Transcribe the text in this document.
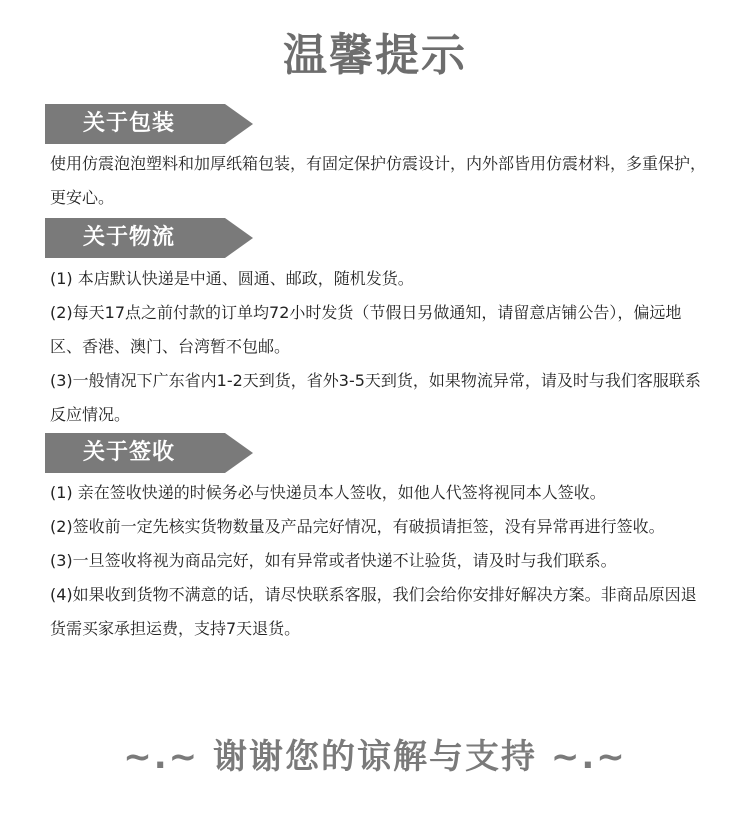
温馨提示
关于包装

使用仿震泡泡塑料和加厚纸箱包装，有固定保护仿震设计，内外部皆用仿震材料，多重保护，更安心。

关于物流

(1) 本店默认快递是中通、圆通、邮政，随机发货。

(2)每天17点之前付款的订单均72小时发货（节假日另做通知，请留意店铺公告），偏远地区、香港、澳门、台湾暂不包邮。

(3)一般情况下广东省内1-2天到货，省外3-5天到货，如果物流异常，请及时与我们客服联系反应情况。

关于签收

(1) 亲在签收快递的时候务必与快递员本人签收，如他人代签将视同本人签收。

(2)签收前一定先核实货物数量及产品完好情况，有破损请拒签，没有异常再进行签收。

(3)一旦签收将视为商品完好，如有异常或者快递不让验货，请及时与我们联系。

(4)如果收到货物不满意的话，请尽快联系客服，我们会给你安排好解决方案。非商品原因退货需买家承担运费，支持7天退货。

~.~ 谢谢您的谅解与支持 ~.~
